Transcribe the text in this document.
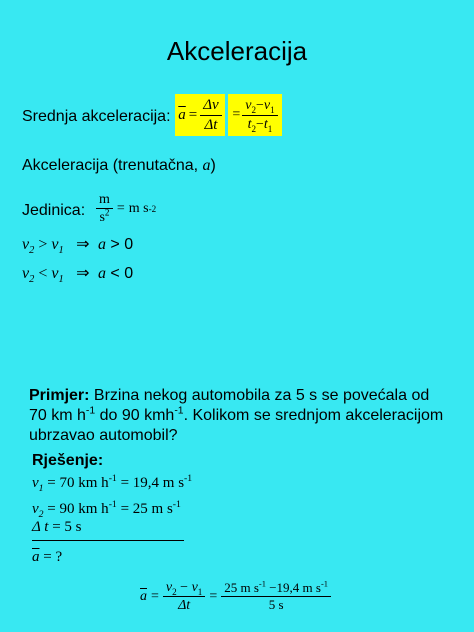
Akceleracija
Srednja akceleracija: $\overline{a} = \frac{\Delta v}{\Delta t} = \frac{v_2-v_1}{t_2-t_1}$
Akceleracija (trenutačna, a)
Jedinica: $\frac{m}{s^2} = m$ s -2
$v_2 > v_1$ ⇒ a > 0
$v_2 < v_1$ ⇒ a < 0
Primjer: Brzina nekog automobila za 5 s se povećala od 70 km $h^{-1}$ do 90 kmh$^{-1}$. Kolikom se srednjom akceleracijom ubrzavao automobil?
Rješenje:
$v_1 = 70$ km $h^{-1} = 19,4$ m $s^{-1}$
$v_2 = 90$ km $h^{-1} = 25$ m $s^{-1}$
Δ t = 5 s
$\overline{a}$ = ?
$\overline{a} = \frac{v_2 - v_1}{\Delta t} = \frac{25 m s^{-1} -19,4 m s^{-1}}{5 s}$
